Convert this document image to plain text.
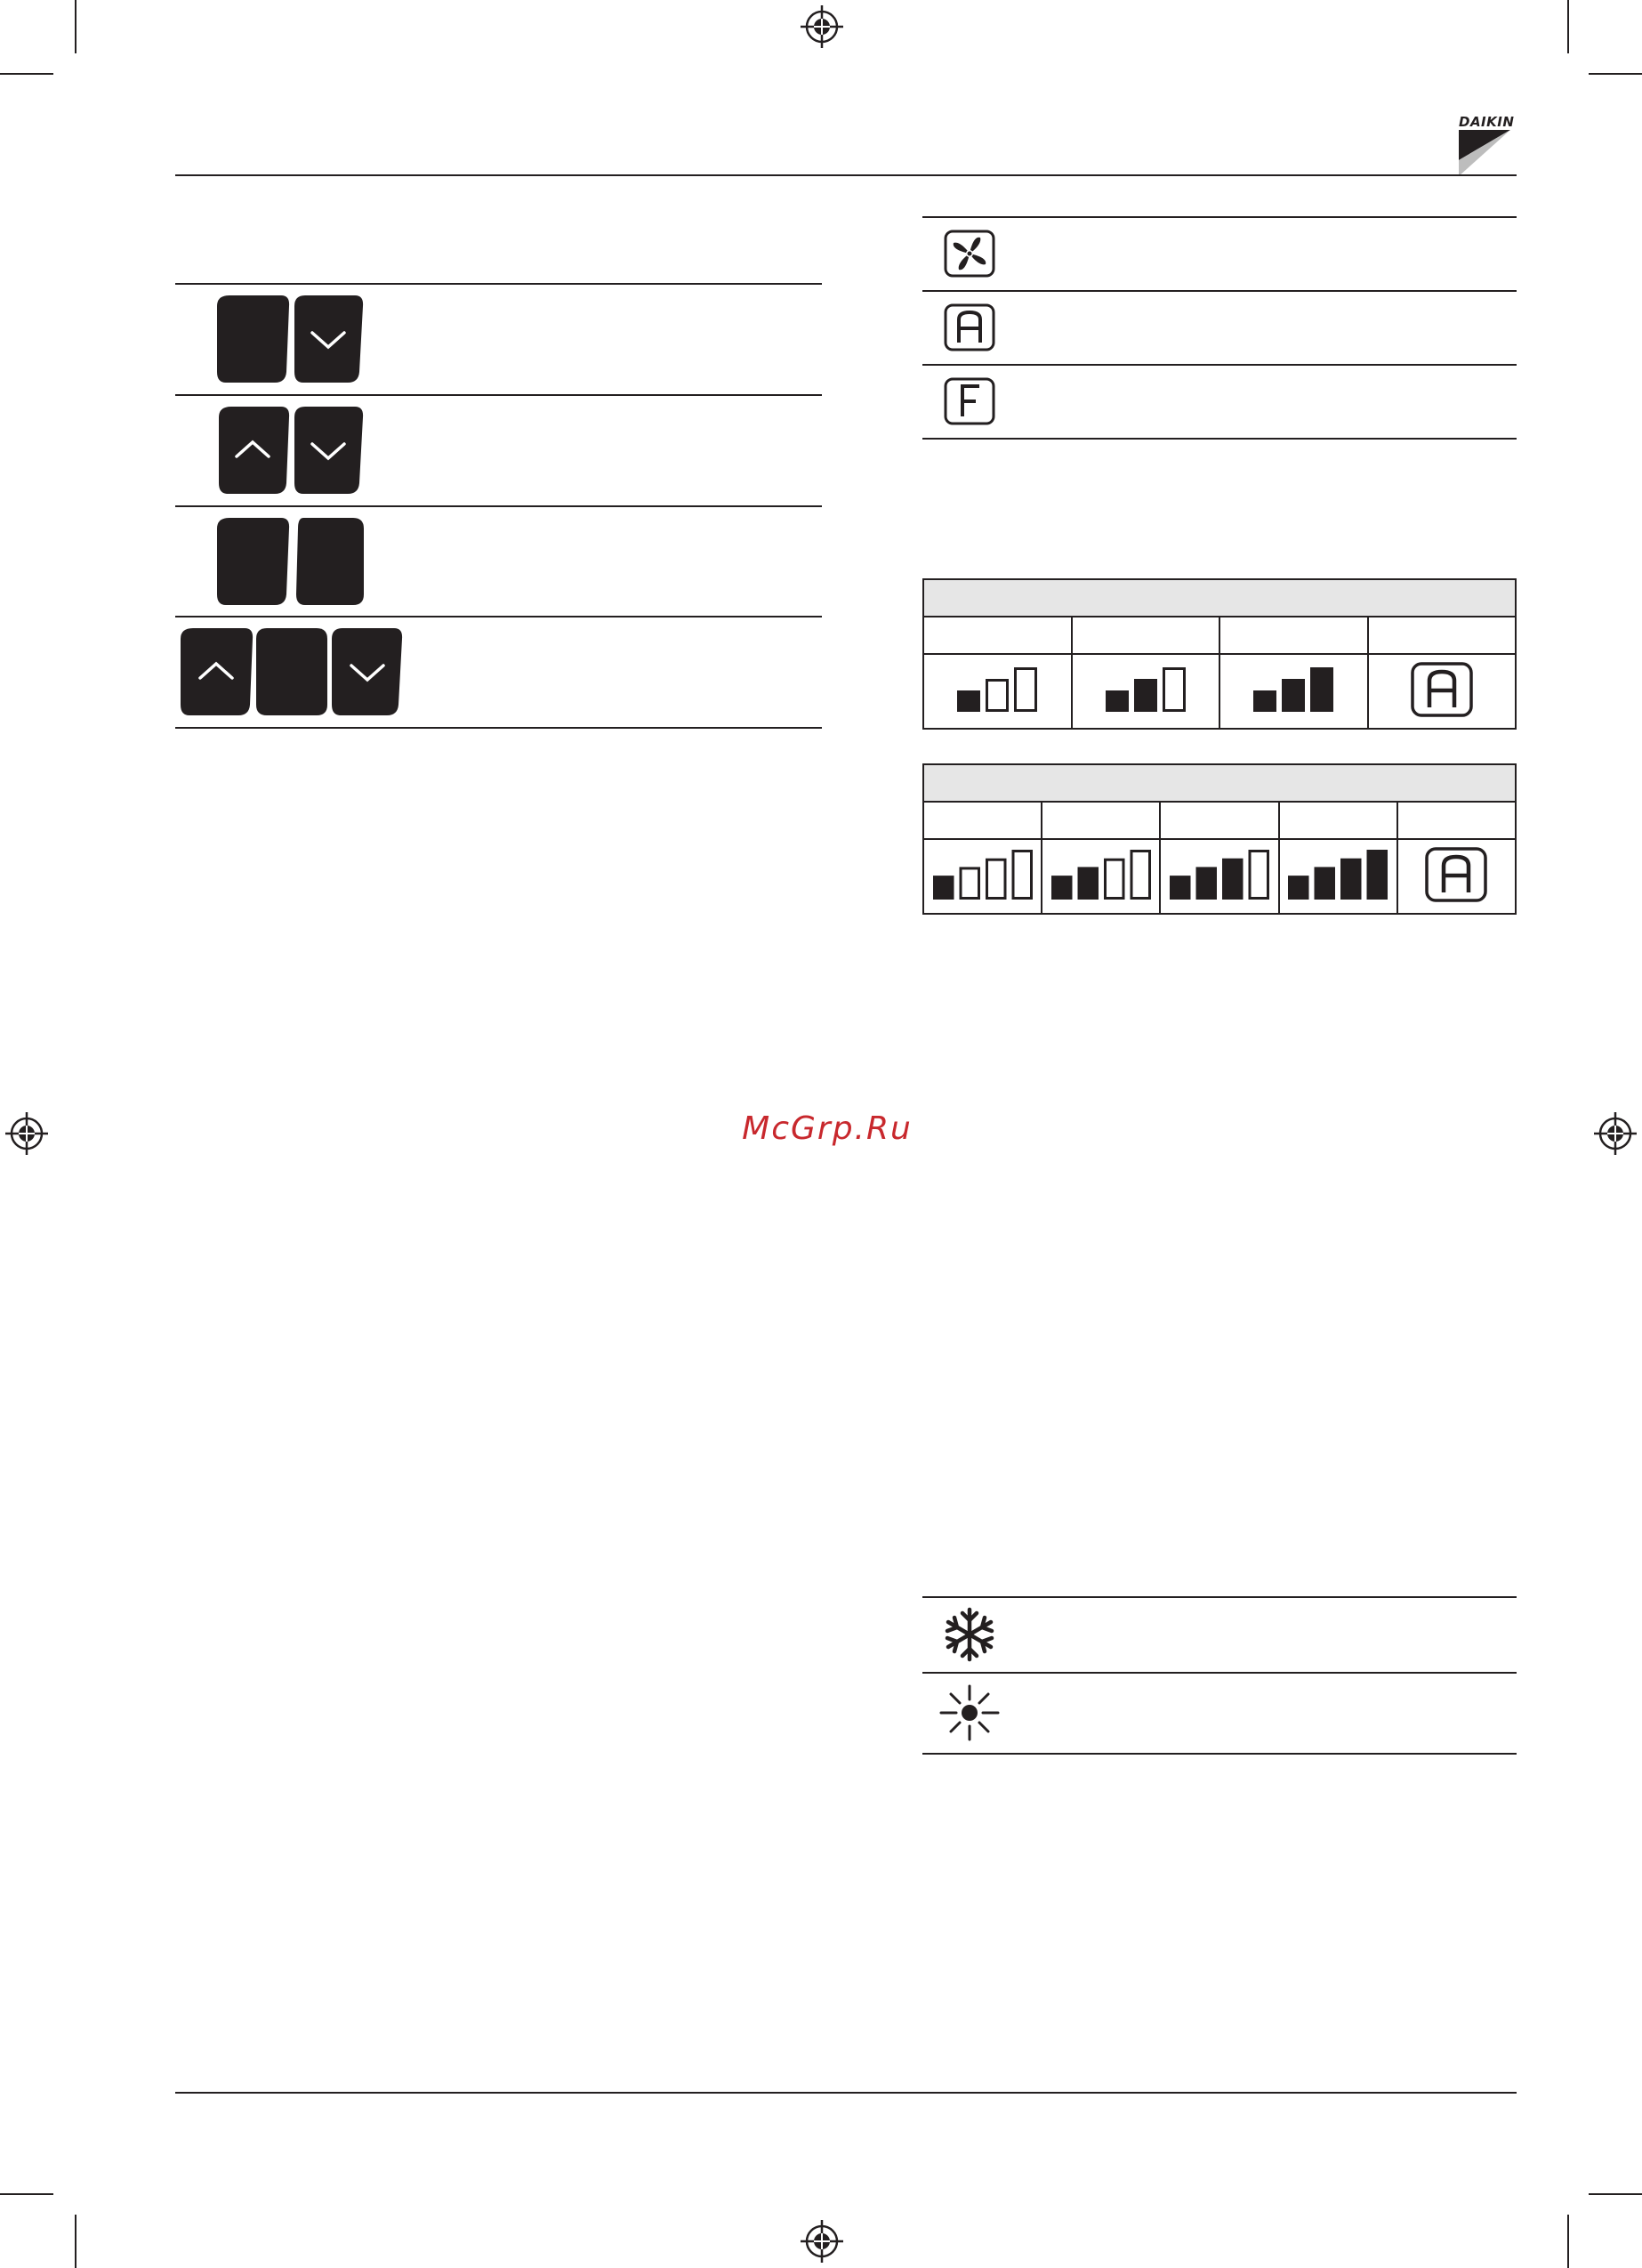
DAIKIN

McGrp.Ru
